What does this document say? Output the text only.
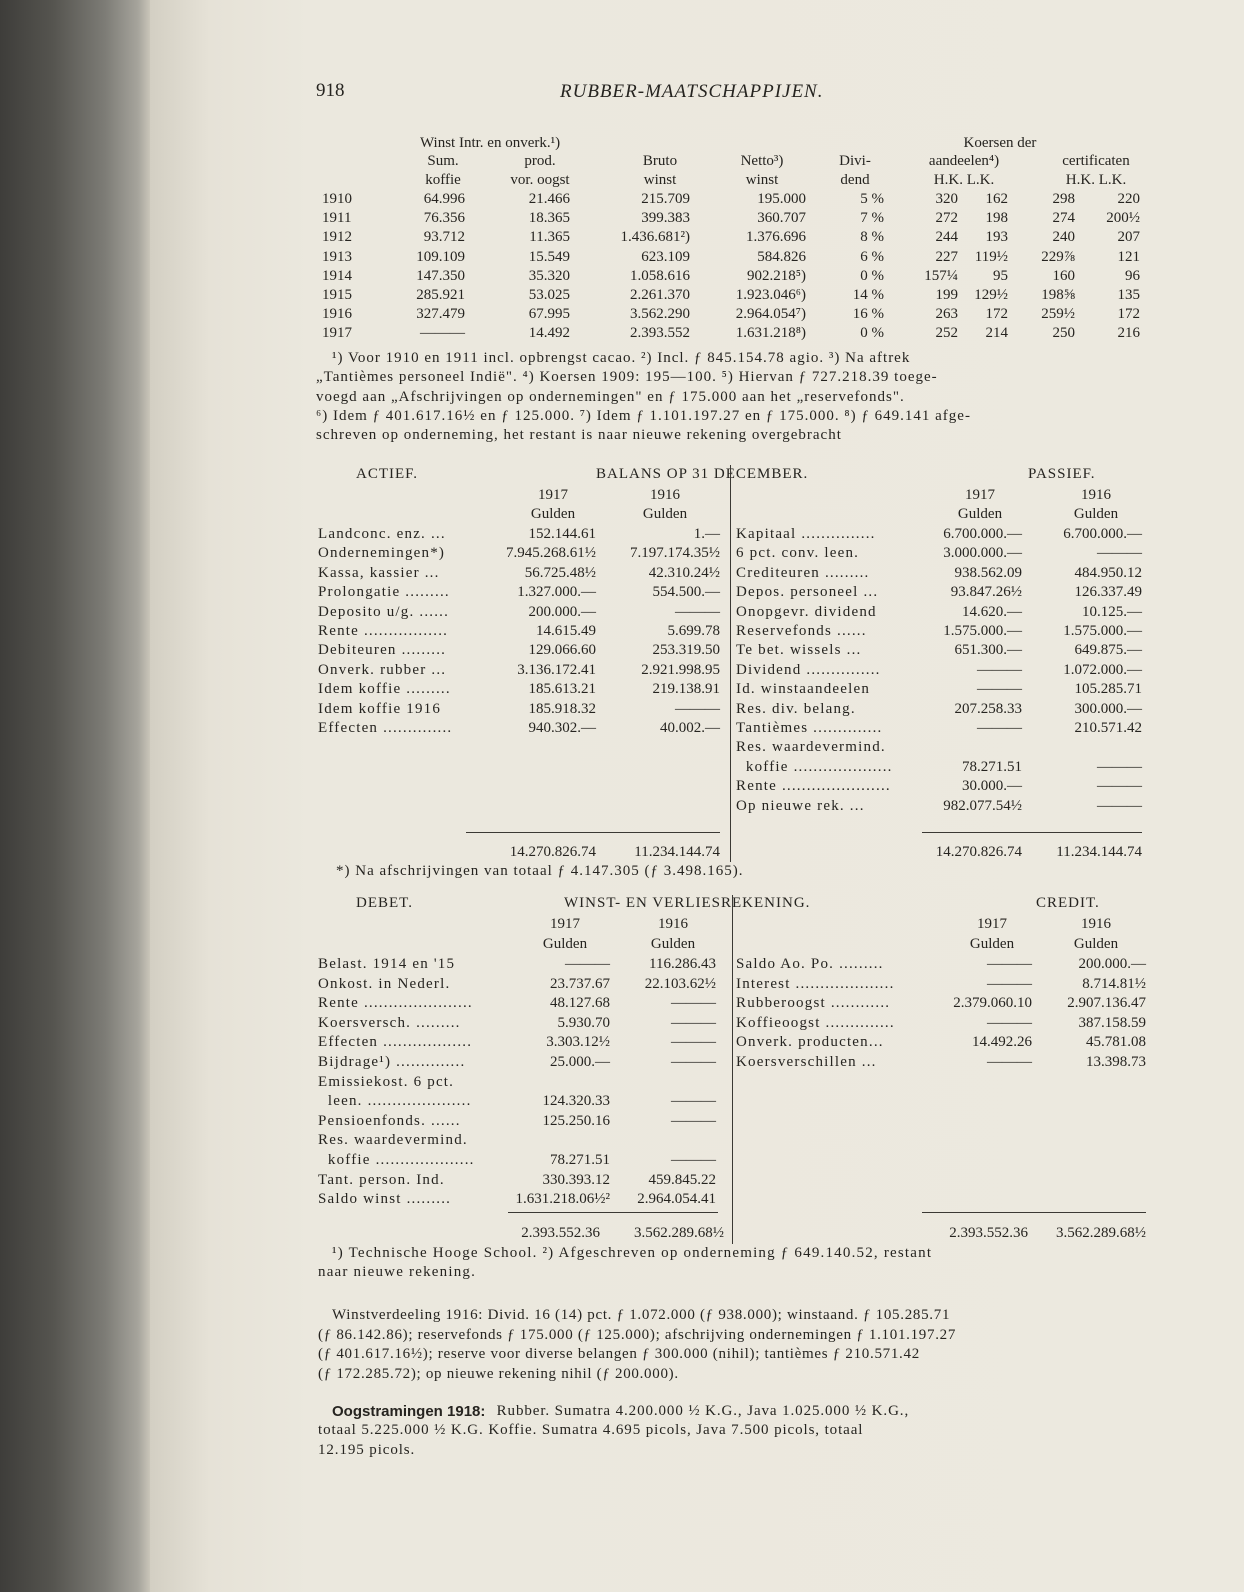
918	RUBBER-MAATSCHAPPIJEN.
Winst Intr. en onverk.¹)	Koersen der
Sum.	prod.	Bruto	Netto³)	Divi-	aandeelen⁴)	certificaten
koffie	vor. oogst	winst	winst	dend	H.K. L.K.	H.K. L.K.
1910	64.996	21.466	215.709	195.000	5 %	320	162	298	220
1911	76.356	18.365	399.383	360.707	7 %	272	198	274	200½
1912	93.712	11.365	1.436.681²)	1.376.696	8 %	244	193	240	207
1913	109.109	15.549	623.109	584.826	6 %	227	119½	229⅞	121
1914	147.350	35.320	1.058.616	902.218⁵)	0 %	157¼	95	160	96
1915	285.921	53.025	2.261.370	1.923.046⁶)	14 %	199	129½	198⅝	135
1916	327.479	67.995	3.562.290	2.964.054⁷)	16 %	263	172	259½	172
1917	———	14.492	2.393.552	1.631.218⁸)	0 %	252	214	250	216
¹) Voor 1910 en 1911 incl. opbrengst cacao. ²) Incl. ƒ 845.154.78 agio. ³) Na aftrek
„Tantièmes personeel Indië". ⁴) Koersen 1909: 195—100. ⁵) Hiervan ƒ 727.218.39 toege-
voegd aan „Afschrijvingen op ondernemingen" en ƒ 175.000 aan het „reservefonds".
⁶) Idem ƒ 401.617.16½ en ƒ 125.000. ⁷) Idem ƒ 1.101.197.27 en ƒ 175.000. ⁸) ƒ 649.141 afge-
schreven op onderneming, het restant is naar nieuwe rekening overgebracht
ACTIEF.	BALANS OP 31 DECEMBER.	PASSIEF.
1917	1916	1917	1916
Gulden	Gulden	Gulden	Gulden
Landconc. enz. ...	152.144.61	1.—
Ondernemingen*)	7.945.268.61½	7.197.174.35½
Kassa, kassier ...	56.725.48½	42.310.24½
Prolongatie .........	1.327.000.—	554.500.—
Deposito u/g. ......	200.000.—	———
Rente .................	14.615.49	5.699.78
Debiteuren .........	129.066.60	253.319.50
Onverk. rubber ...	3.136.172.41	2.921.998.95
Idem koffie .........	185.613.21	219.138.91
Idem koffie 1916	185.918.32	———
Effecten ..............	940.302.—	40.002.—
Kapitaal ...............	6.700.000.—	6.700.000.—
6 pct. conv. leen.	3.000.000.—	———
Crediteuren .........	938.562.09	484.950.12
Depos. personeel ...	93.847.26½	126.337.49
Onopgevr. dividend	14.620.—	10.125.—
Reservefonds ......	1.575.000.—	1.575.000.—
Te bet. wissels ...	651.300.—	649.875.—
Dividend ...............	———	1.072.000.—
Id. winstaandeelen	———	105.285.71
Res. div. belang.	207.258.33	300.000.—
Tantièmes ..............	———	210.571.42
Res. waardevermind.
koffie ....................	78.271.51	———
Rente ......................	30.000.—	———
Op nieuwe rek. ...	982.077.54½	———
14.270.826.74	11.234.144.74	14.270.826.74	11.234.144.74
*) Na afschrijvingen van totaal ƒ 4.147.305 (ƒ 3.498.165).
DEBET.	WINST- EN VERLIESREKENING.	CREDIT.
1917	1916	1917	1916
Gulden	Gulden	Gulden	Gulden
Belast. 1914 en '15	———	116.286.43
Onkost. in Nederl.	23.737.67	22.103.62½
Rente ......................	48.127.68	———
Koersversch. .........	5.930.70	———
Effecten ..................	3.303.12½	———
Bijdrage¹) ..............	25.000.—	———
Emissiekost. 6 pct.
leen. .....................	124.320.33	———
Pensioenfonds. ......	125.250.16	———
Res. waardevermind.
koffie ....................	78.271.51	———
Tant. person. Ind.	330.393.12	459.845.22
Saldo winst .........	1.631.218.06½²	2.964.054.41
Saldo Ao. Po. .........	———	200.000.—
Interest ....................	———	8.714.81½
Rubberoogst ............	2.379.060.10	2.907.136.47
Koffieoogst ..............	———	387.158.59
Onverk. producten...	14.492.26	45.781.08
Koersverschillen ...	———	13.398.73
2.393.552.36	3.562.289.68½	2.393.552.36	3.562.289.68½
¹) Technische Hooge School. ²) Afgeschreven op onderneming ƒ 649.140.52, restant
naar nieuwe rekening.
Winstverdeeling 1916: Divid. 16 (14) pct. ƒ 1.072.000 (ƒ 938.000); winstaand. ƒ 105.285.71
(ƒ 86.142.86); reservefonds ƒ 175.000 (ƒ 125.000); afschrijving ondernemingen ƒ 1.101.197.27
(ƒ 401.617.16½); reserve voor diverse belangen ƒ 300.000 (nihil); tantièmes ƒ 210.571.42
(ƒ 172.285.72); op nieuwe rekening nihil (ƒ 200.000).
Oogstramingen 1918: Rubber. Sumatra 4.200.000 ½ K.G., Java 1.025.000 ½ K.G.,
totaal 5.225.000 ½ K.G. Koffie. Sumatra 4.695 picols, Java 7.500 picols, totaal
12.195 picols.
